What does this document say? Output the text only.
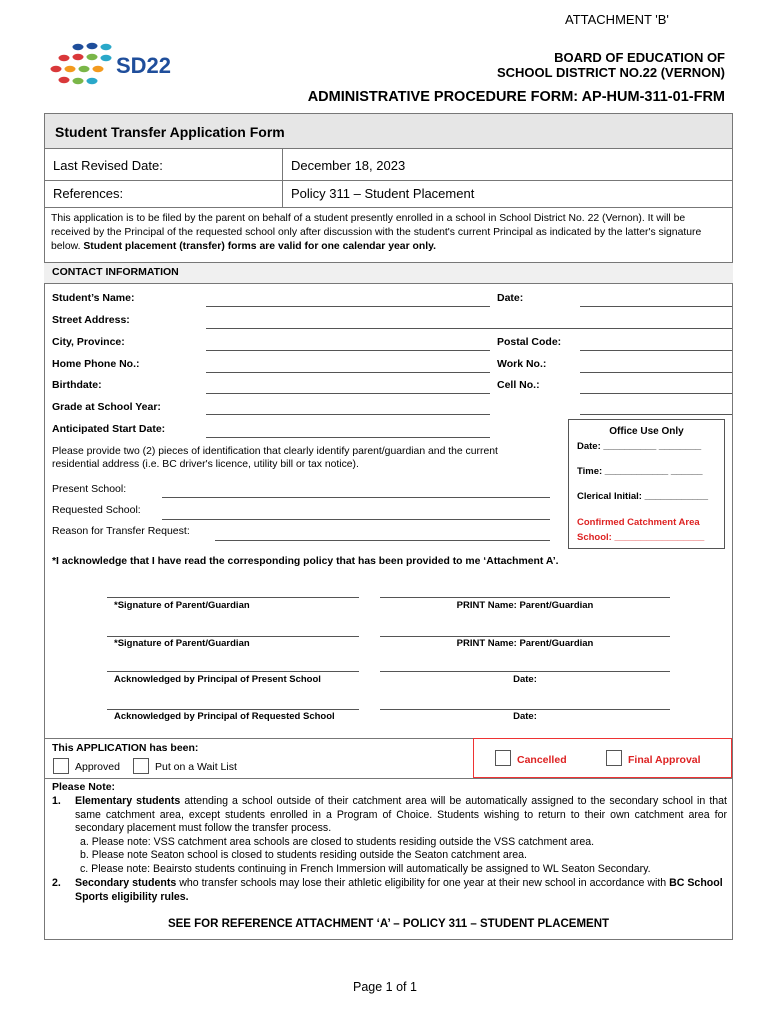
ATTACHMENT 'B'
SD22	BOARD OF EDUCATION OF
SCHOOL DISTRICT NO.22 (VERNON)
ADMINISTRATIVE PROCEDURE FORM: AP-HUM-311-01-FRM
Student Transfer Application Form
Last Revised Date:	December 18, 2023
References:	Policy 311 – Student Placement
This application is to be filed by the parent on behalf of a student presently enrolled in a school in School District No. 22 (Vernon). It will be received by the Principal of the requested school only after discussion with the student's current Principal as indicated by the latter's signature below. Student placement (transfer) forms are valid for one calendar year only.
CONTACT INFORMATION
Student’s Name:	Date:
Street Address:
City, Province:	Postal Code:
Home Phone No.:	Work No.:
Birthdate:	Cell No.:
Grade at School Year:
Anticipated Start Date:
Please provide two (2) pieces of identification that clearly identify parent/guardian and the current residential address (i.e. BC driver's licence, utility bill or tax notice).
Present School:
Requested School:
Reason for Transfer Request:
Office Use Only
Date: __________ ________
Time: ____________ ______
Clerical Initial: ____________
Confirmed Catchment Area
School: _________________
*I acknowledge that I have read the corresponding policy that has been provided to me ‘Attachment A’.
*Signature of Parent/Guardian	PRINT Name: Parent/Guardian
*Signature of Parent/Guardian	PRINT Name: Parent/Guardian
Acknowledged by Principal of Present School	Date:
Acknowledged by Principal of Requested School	Date:
This APPLICATION has been:
Approved	Put on a Wait List
Cancelled	Final Approval
Please Note:
1. Elementary students attending a school outside of their catchment area will be automatically assigned to the secondary school in that same catchment area, except students enrolled in a Program of Choice. Students wishing to return to their own catchment area for secondary placement must follow the transfer process.
a. Please note: VSS catchment area schools are closed to students residing outside the VSS catchment area.
b. Please note Seaton school is closed to students residing outside the Seaton catchment area.
c. Please note: Beairsto students continuing in French Immersion will automatically be assigned to WL Seaton Secondary.
2. Secondary students who transfer schools may lose their athletic eligibility for one year at their new school in accordance with BC School Sports eligibility rules.
SEE FOR REFERENCE ATTACHMENT ‘A’ – POLICY 311 – STUDENT PLACEMENT
Page 1 of 1
